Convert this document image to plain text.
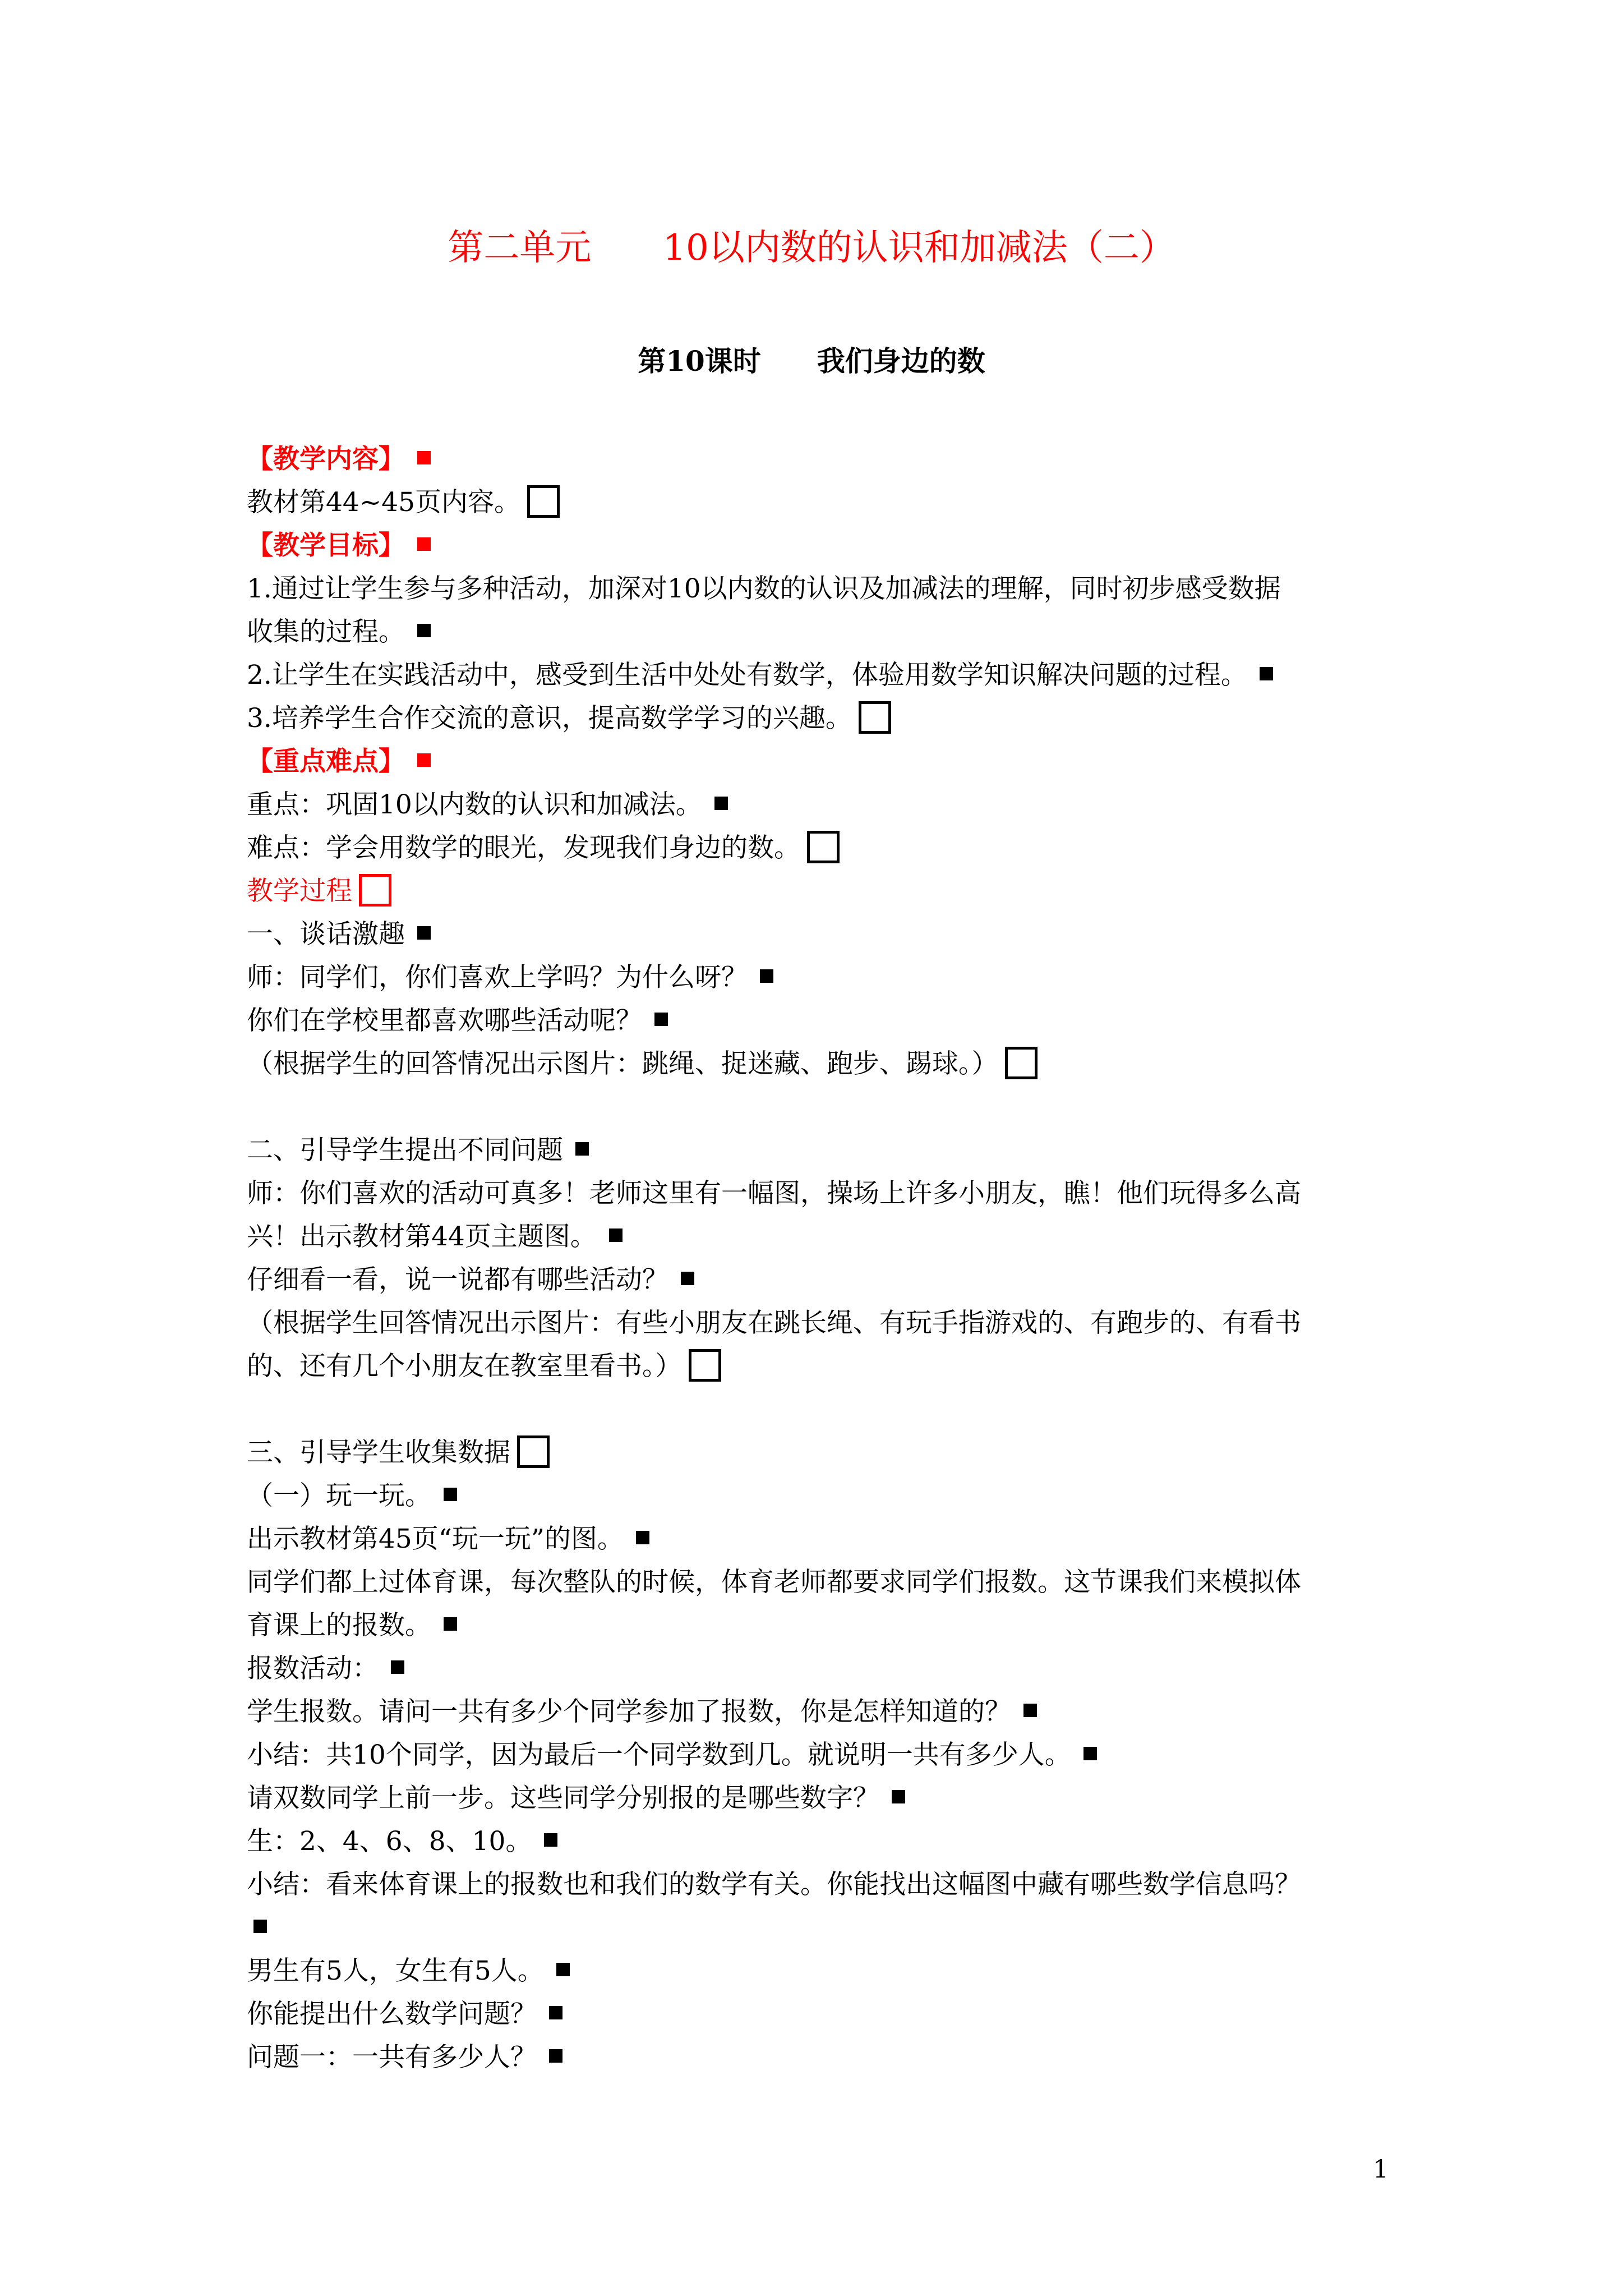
第二单元　　10以内数的认识和加减法（二）
第10课时　　我们身边的数
【教学内容】
教材第44~45页内容。
【教学目标】
1.通过让学生参与多种活动，加深对10以内数的认识及加减法的理解，同时初步感受数据
收集的过程。
2.让学生在实践活动中，感受到生活中处处有数学，体验用数学知识解决问题的过程。
3.培养学生合作交流的意识，提高数学学习的兴趣。
【重点难点】
重点：巩固10以内数的认识和加减法。
难点：学会用数学的眼光，发现我们身边的数。
教学过程
一、谈话激趣
师：同学们，你们喜欢上学吗？为什么呀？
你们在学校里都喜欢哪些活动呢？
（根据学生的回答情况出示图片：跳绳、捉迷藏、跑步、踢球。）
二、引导学生提出不同问题
师：你们喜欢的活动可真多！老师这里有一幅图，操场上许多小朋友，瞧！他们玩得多么高
兴！出示教材第44页主题图。
仔细看一看，说一说都有哪些活动？
（根据学生回答情况出示图片：有些小朋友在跳长绳、有玩手指游戏的、有跑步的、有看书
的、还有几个小朋友在教室里看书。）
三、引导学生收集数据
（一）玩一玩。
出示教材第45页“玩一玩”的图。
同学们都上过体育课，每次整队的时候，体育老师都要求同学们报数。这节课我们来模拟体
育课上的报数。
报数活动：
学生报数。请问一共有多少个同学参加了报数，你是怎样知道的？
小结：共10个同学，因为最后一个同学数到几。就说明一共有多少人。
请双数同学上前一步。这些同学分别报的是哪些数字？
生：2、4、6、8、10。
小结：看来体育课上的报数也和我们的数学有关。你能找出这幅图中藏有哪些数学信息吗？
男生有5人，女生有5人。
你能提出什么数学问题？
问题一：一共有多少人？
1
